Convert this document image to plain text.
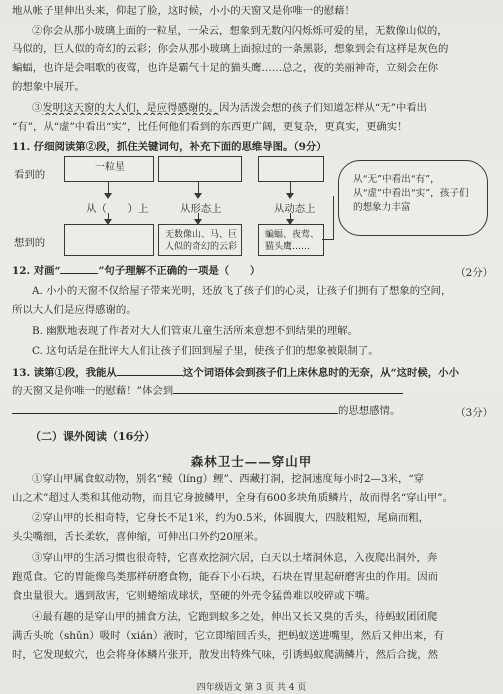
地从帐子里伸出头来，仰起了脸，这时候，小小的天窗又是你唯一的慰藉！
②你会从那小玻璃上面的一粒星，一朵云，想象到无数闪闪烁烁可爱的星，无数像山似的，
马似的，巨人似的奇幻的云彩；你会从那小玻璃上面掠过的一条黑影，想象到会有这样是灰色的
蝙蝠，也许是会唱歌的夜莺，也许是霸气十足的猫头鹰……总之，夜的美丽神奇，立刻会在你
的想象中展开。
③发明这天窗的大人们，是应得感谢的。因为活泼会想的孩子们知道怎样从“无”中看出
“有”，从“虚”中看出“实”，比任何他们看到的东西更广阔，更复杂，更真实，更确实！
11. 仔细阅读第②段，抓住关键词句，补充下面的思维导图。（9分）
看到的
一粒星
从（　　）上	从形态上	从动态上
想到的
无数像山、马、巨人似的奇幻的云彩
蝙蝠、夜莺、猫头鹰……
从“无”中看出“有”，从“虚”中看出“实”，孩子们的想象力丰富
12. 对画“	”句子理解不正确的一项是（　　）	（2分）
A. 小小的天窗不仅给屋子带来光明，还放飞了孩子们的心灵，让孩子们拥有了想象的空间，
所以大人们是应得感谢的。
B. 幽默地表现了作者对大人们管束儿童生活所来意想不到结果的理解。
C. 这句话是在批评大人们让孩子们回到屋子里，使孩子们的想象被限制了。
13. 读第①段，我能从	这个词语体会到孩子们上床休息时的无奈，从“这时候，小小
的天窗又是你唯一的慰藉！”体会到
的思想感情。	（3分）
（二）课外阅读（16分）
森林卫士——穿山甲
①穿山甲属食蚁动物，别名“鲮（líng）鲤”、西藏打洞，挖洞速度每小时2—3米，“穿
山之术”超过人类和其他动物，而且它身披鳞甲，全身有600多块角质鳞片，故而得名“穿山甲”。
②穿山甲的长相奇特，它身长不足1米，约为0.5米，体圆腹大，四肢粗短，尾扁而粗，
头尖嘴细，舌长柔软，喜伸缩，可伸出口外约20厘米。
③穿山甲的生活习惯也很奇特，它喜欢挖洞穴居，白天以土堵洞休息，入夜爬出洞外，奔
跑觅食。它的胃能像鸟类那样研磨食物，能吞下小石块，石块在胃里起研磨害虫的作用。因而
食虫量很大。遇到敌害，它则蜷缩成球状，坚硬的外壳令猛兽难以咬碎或下嘴。
④最有趣的是穿山甲的捕食方法，它跑到蚁多之处，伸出又长又臭的舌头，待蚂蚁团团爬
满舌头吮（shǔn）吸时（xián）液时，它立即缩回舌头，把蚂蚁送进嘴里，然后又伸出来，有
时，它发现蚁穴，也会将身体鳞片张开，散发出特殊气味，引诱蚂蚁爬满鳞片，然后合拢，然
四年级语文 第 3 页 共 4 页
